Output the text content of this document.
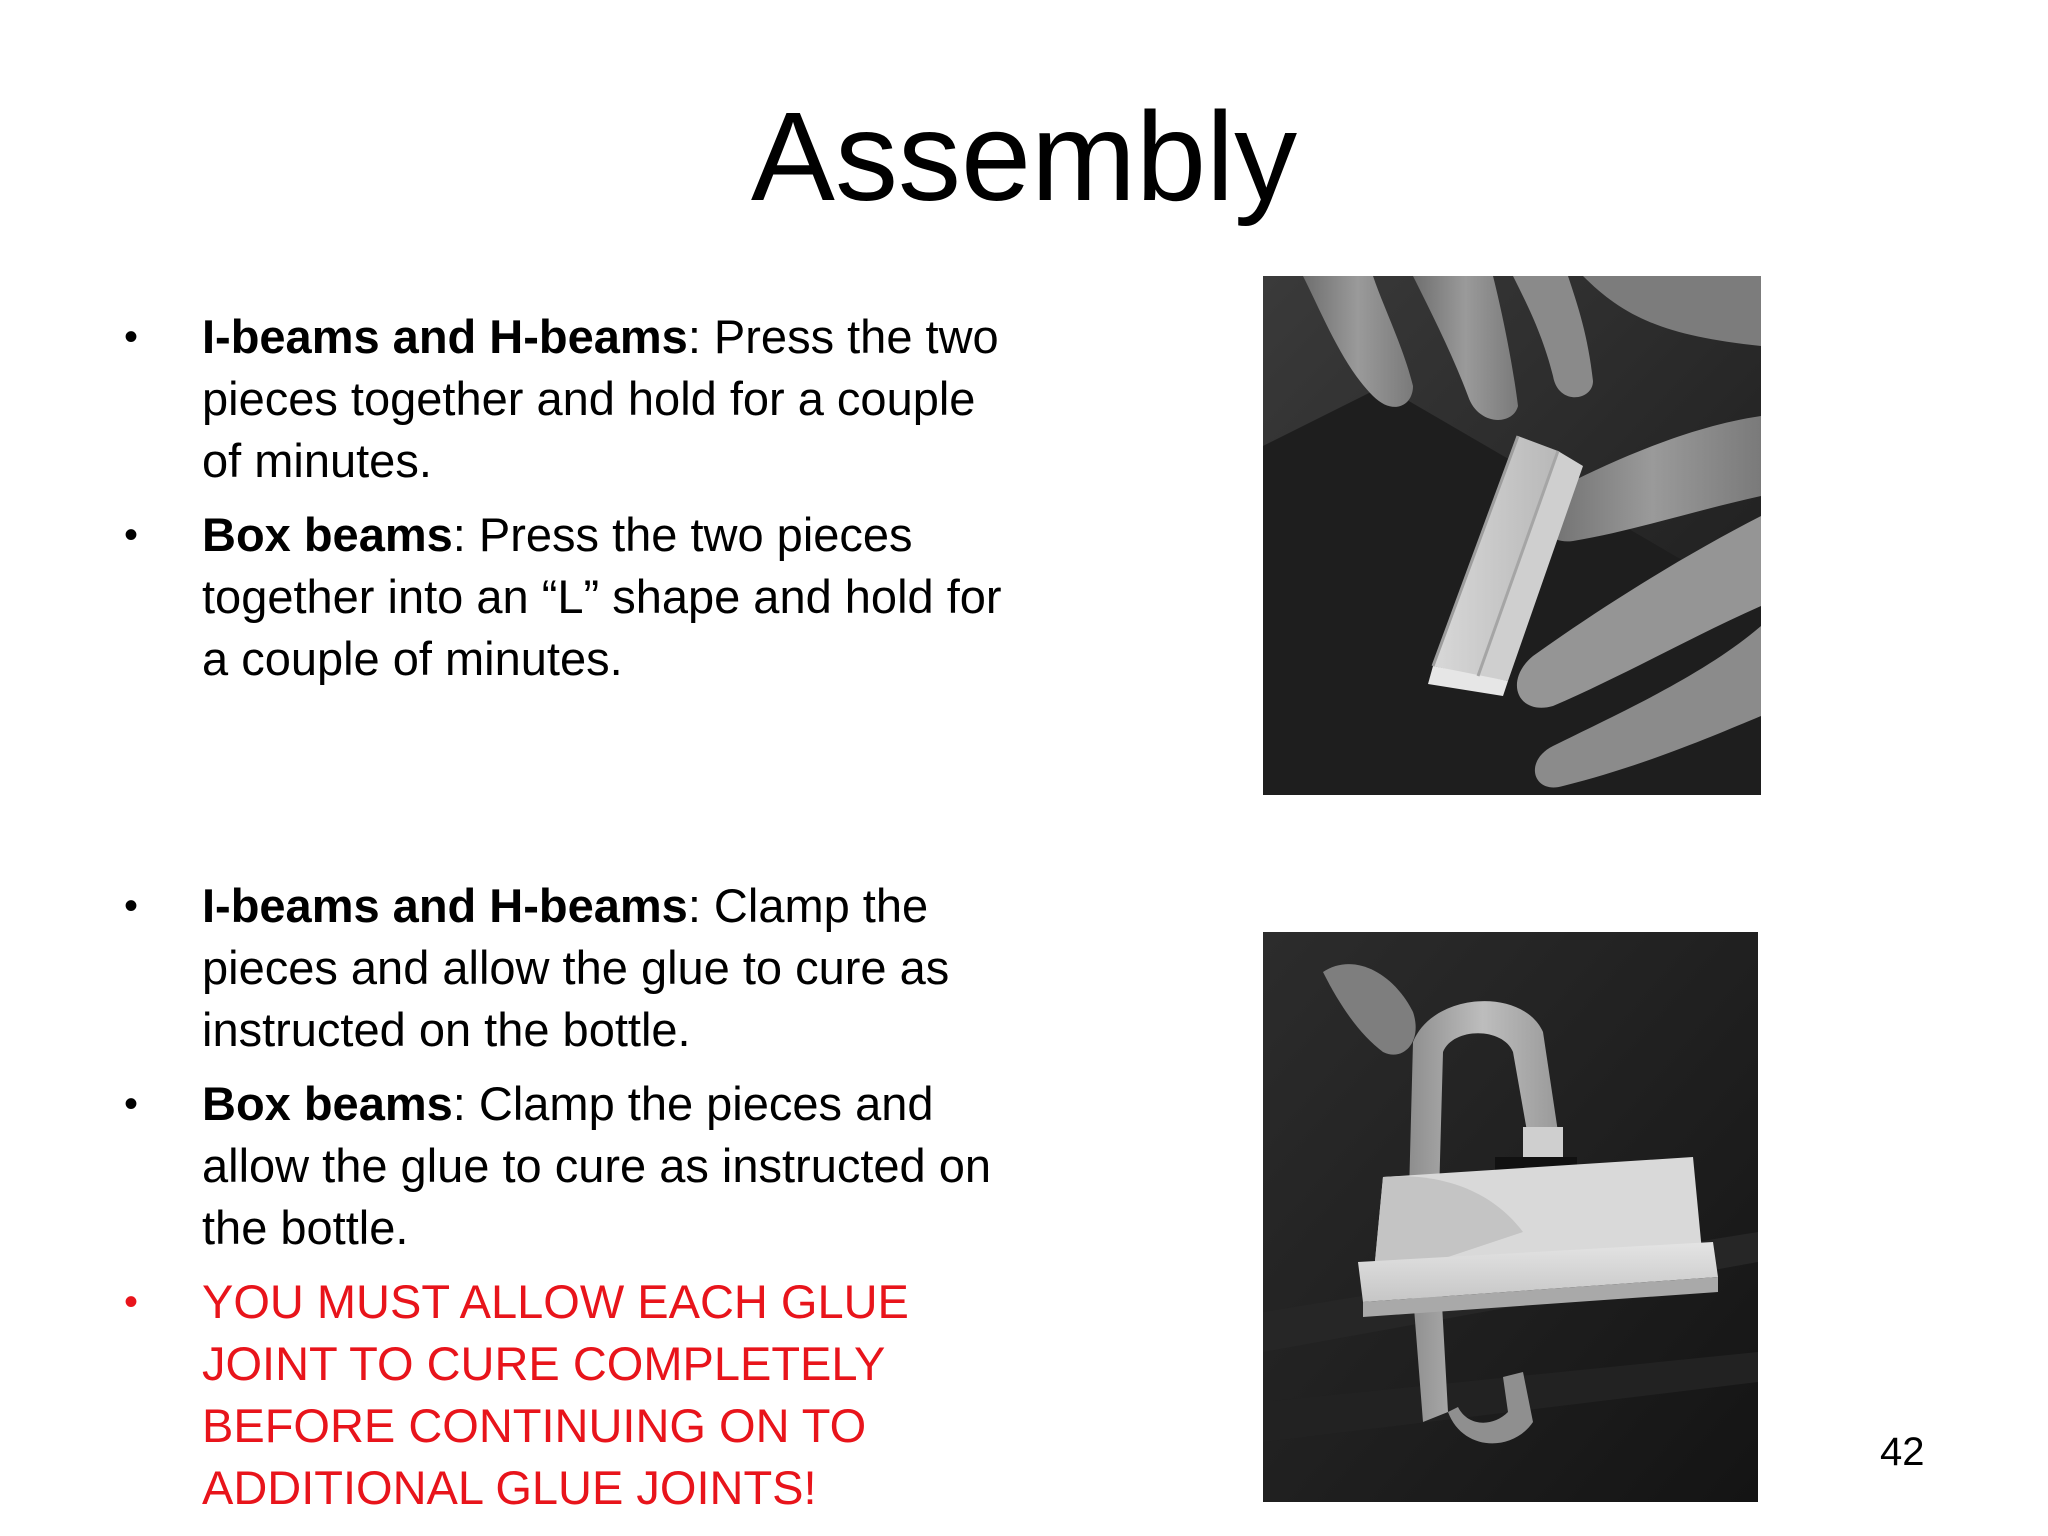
Assembly
•	I-beams and H-beams: Press the two pieces together and hold for a couple of minutes.
•	Box beams: Press the two pieces together into an “L” shape and hold for a couple of minutes.
•	I-beams and H-beams: Clamp the pieces and allow the glue to cure as instructed on the bottle.
•	Box beams: Clamp the pieces and allow the glue to cure as instructed on the bottle.
•	YOU MUST ALLOW EACH GLUE JOINT TO CURE COMPLETELY BEFORE CONTINUING ON TO ADDITIONAL GLUE JOINTS!
42
